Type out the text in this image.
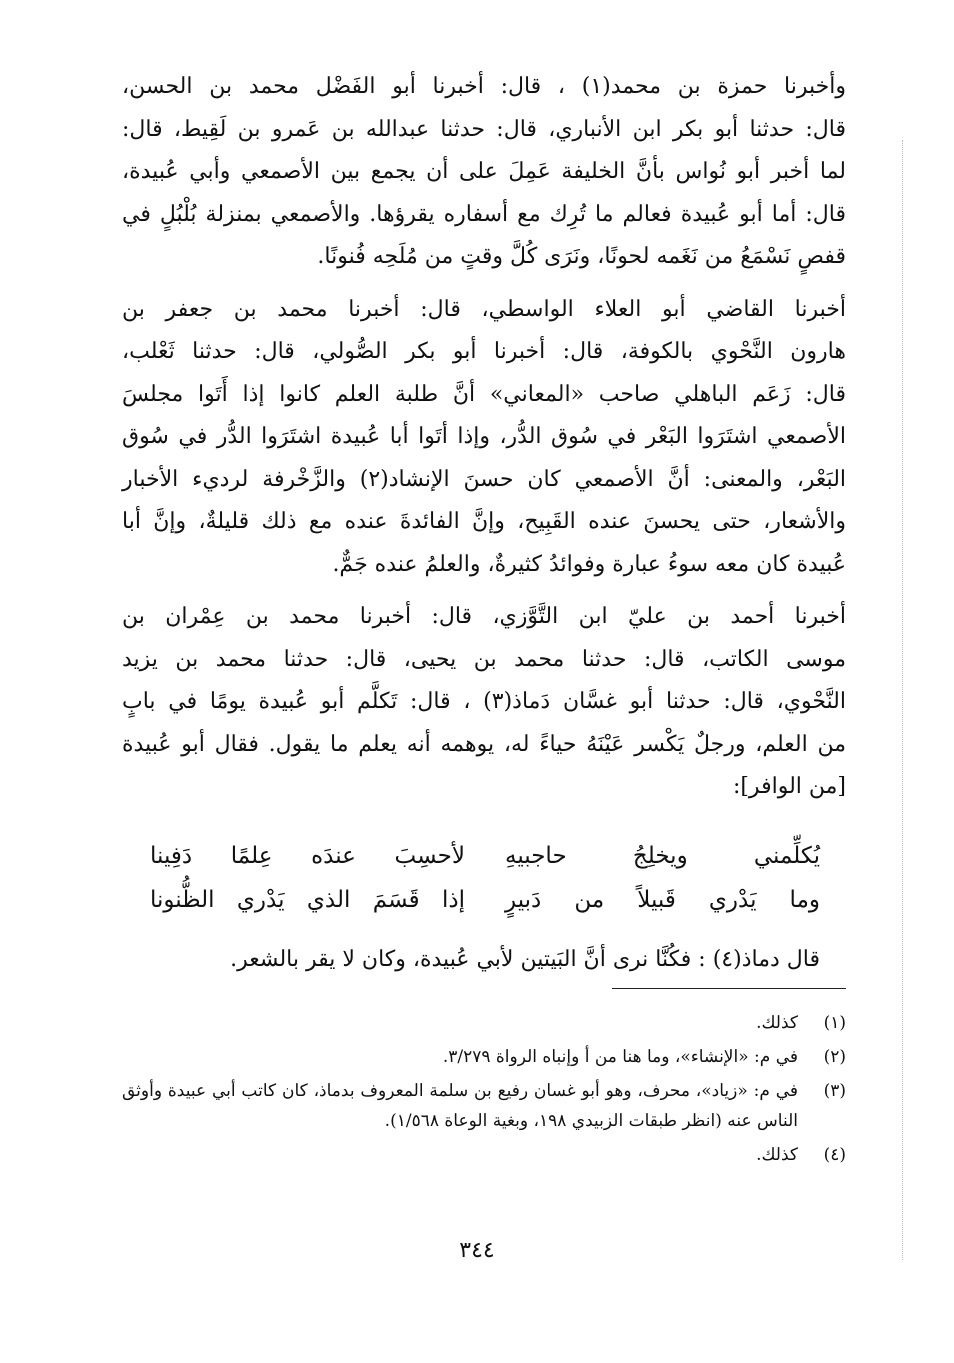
وأخبرنا حمزة بن محمد(١) ، قال: أخبرنا أبو الفَضْل محمد بن الحسن،
قال: حدثنا أبو بكر ابن الأنباري، قال: حدثنا عبدالله بن عَمرو بن لَقِيط، قال:
لما أخبر أبو نُواس بأنَّ الخليفة عَمِلَ على أن يجمع بين الأصمعي وأبي عُبيدة،
قال: أما أبو عُبيدة فعالم ما تُرِك مع أسفاره يقرؤها. والأصمعي بمنزلة بُلْبُلٍ في
قفصٍ نَسْمَعُ من نَغَمه لحونًا، ونَرَى كُلَّ وقتٍ من مُلَحِه فُنونًا.

أخبرنا القاضي أبو العلاء الواسطي، قال: أخبرنا محمد بن جعفر بن
هارون النَّحْوي بالكوفة، قال: أخبرنا أبو بكر الصُّولي، قال: حدثنا ثَعْلب،
قال: زَعَم الباهلي صاحب «المعاني» أنَّ طلبة العلم كانوا إذا أَتَوا مجلسَ
الأصمعي اشتَرَوا البَعْر في سُوق الدُّر، وإذا أتَوا أبا عُبيدة اشتَرَوا الدُّر في سُوق
البَعْر، والمعنى: أنَّ الأصمعي كان حسنَ الإنشاد(٢) والزَّخْرفة لرديء الأخبار
والأشعار، حتى يحسنَ عنده القَبِيح، وإنَّ الفائدةَ عنده مع ذلك قليلةٌ، وإنَّ أبا
عُبيدة كان معه سوءُ عبارة وفوائدُ كثيرةٌ، والعلمُ عنده جَمٌّ.

أخبرنا أحمد بن عليّ ابن التَّوَّزي، قال: أخبرنا محمد بن عِمْران بن
موسى الكاتب، قال: حدثنا محمد بن يحيى، قال: حدثنا محمد بن يزيد
النَّحْوي، قال: حدثنا أبو غسَّان دَماذ(٣) ، قال: تَكلَّم أبو عُبيدة يومًا في بابٍ
من العلم، ورجلٌ يَكْسر عَيْنَهُ حياءً له، يوهمه أنه يعلم ما يقول. فقال أبو عُبيدة
[من الوافر]:

يُكلِّمني ويخلِجُ حاجبيهِ
لأحسِبَ عندَه عِلمًا دَفِينا
وما يَدْري قَبيلاً من دَبيرٍ
إذا قَسَمَ الذي يَدْري الظُّنونا
قال دماذ(٤) : فكُنَّا نرى أنَّ البَيتين لأبي عُبيدة، وكان لا يقر بالشعر.
(١)
كذلك.
(٢)
في م: «الإنشاء»، وما هنا من أ وإنباه الرواة ٣/٢٧٩.
(٣)
في م: «زياد»، محرف، وهو أبو غسان رفيع بن سلمة المعروف بدماذ، كان كاتب أبي عبيدة وأوثق الناس عنه (انظر طبقات الزبيدي ١٩٨، وبغية الوعاة ١/٥٦٨).
(٤)
كذلك.
٣٤٤
